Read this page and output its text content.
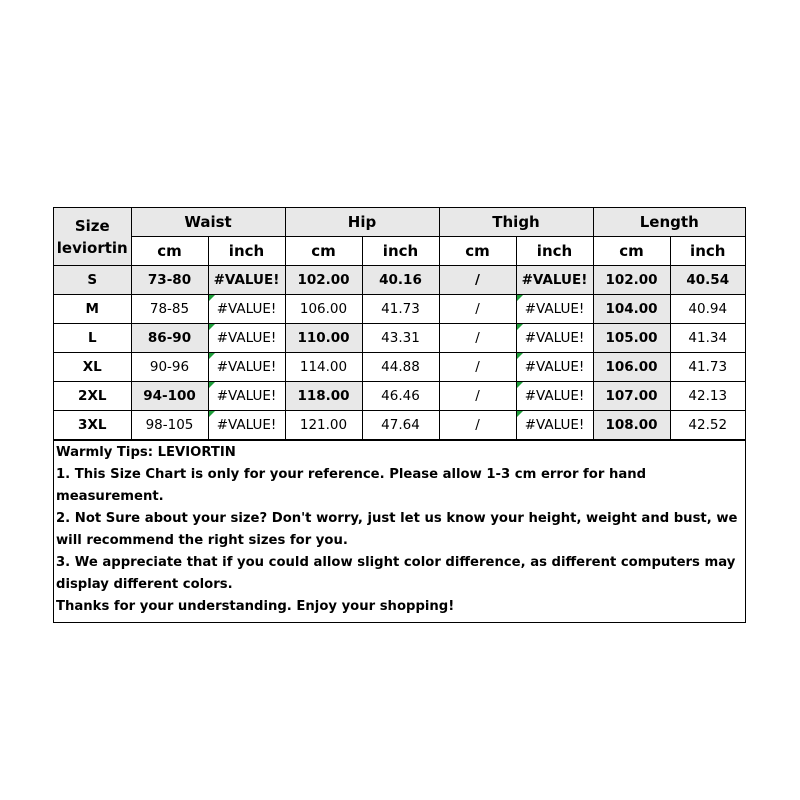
Size
leviortin	Waist		Hip		Thigh		Length	
	cm	inch	cm	inch	cm	inch	cm	inch
S	73-80	#VALUE!	102.00	40.16	/	#VALUE!	102.00	40.54
M	78-85	#VALUE!	106.00	41.73	/	#VALUE!	104.00	40.94
L	86-90	#VALUE!	110.00	43.31	/	#VALUE!	105.00	41.34
XL	90-96	#VALUE!	114.00	44.88	/	#VALUE!	106.00	41.73
2XL	94-100	#VALUE!	118.00	46.46	/	#VALUE!	107.00	42.13
3XL	98-105	#VALUE!	121.00	47.64	/	#VALUE!	108.00	42.52
Warmly Tips: LEVIORTIN
1. This Size Chart is only for your reference. Please allow 1-3 cm error for hand measurement.
2. Not Sure about your size? Don't worry, just let us know your height, weight and bust, we will recommend the right sizes for you.
3. We appreciate that if you could allow slight color difference, as different computers may display different colors.
Thanks for your understanding. Enjoy your shopping!
